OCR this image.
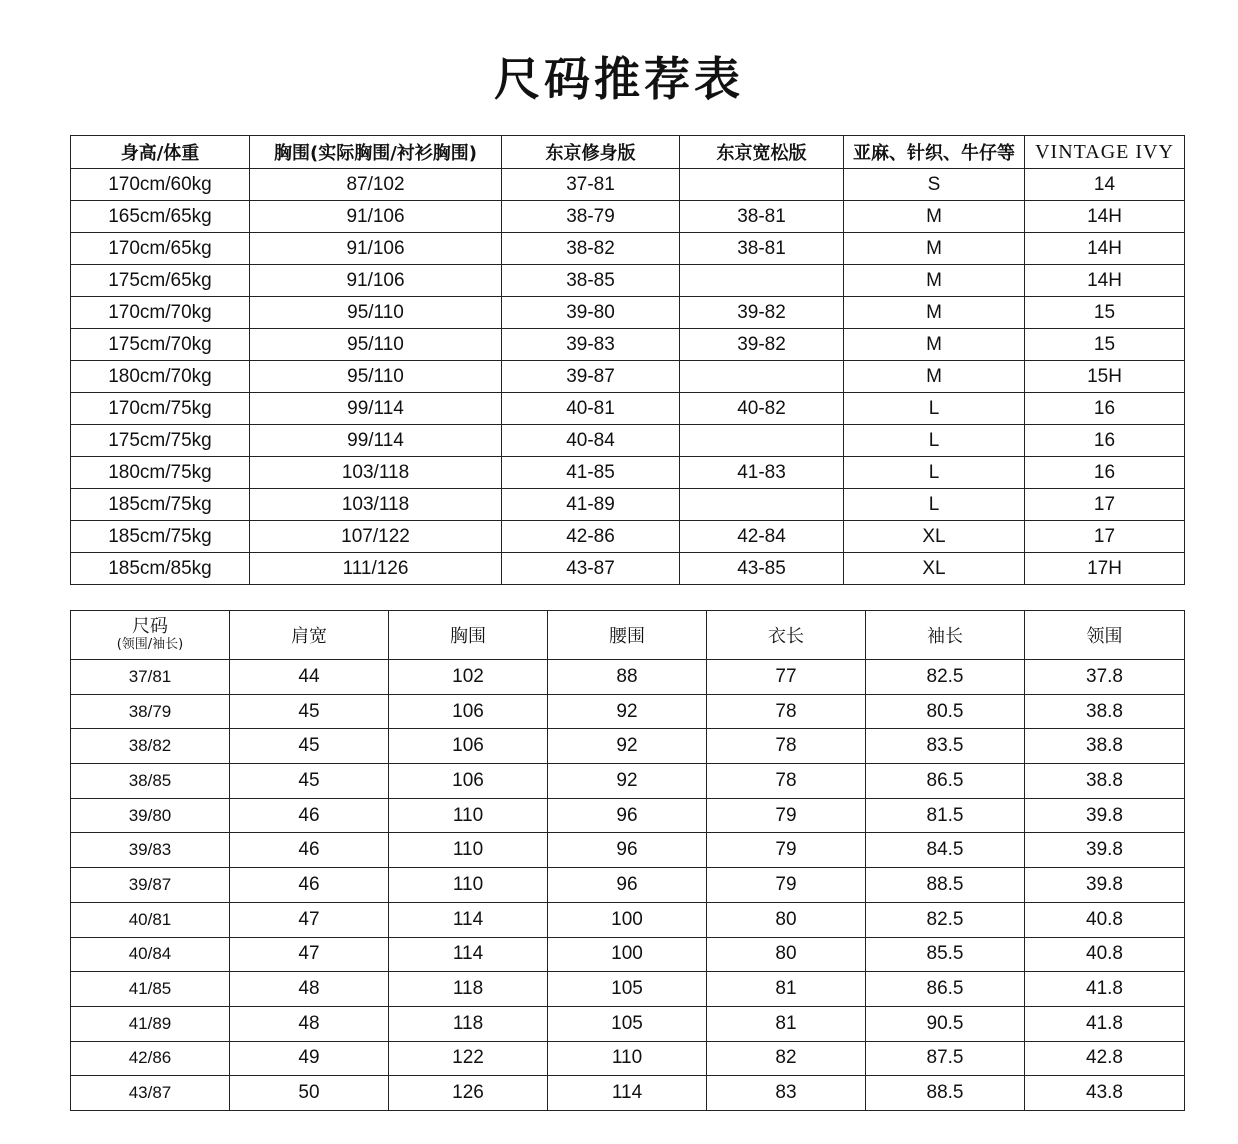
尺码推荐表
身高/体重	胸围(实际胸围/衬衫胸围)	东京修身版	东京宽松版	亚麻、针织、牛仔等	VINTAGE IVY
170cm/60kg	87/102	37-81		S	14
165cm/65kg	91/106	38-79	38-81	M	14H
170cm/65kg	91/106	38-82	38-81	M	14H
175cm/65kg	91/106	38-85		M	14H
170cm/70kg	95/110	39-80	39-82	M	15
175cm/70kg	95/110	39-83	39-82	M	15
180cm/70kg	95/110	39-87		M	15H
170cm/75kg	99/114	40-81	40-82	L	16
175cm/75kg	99/114	40-84		L	16
180cm/75kg	103/118	41-85	41-83	L	16
185cm/75kg	103/118	41-89		L	17
185cm/75kg	107/122	42-86	42-84	XL	17
185cm/85kg	111/126	43-87	43-85	XL	17H
尺码
(领围/袖长)	肩宽	胸围	腰围	衣长	袖长	领围
37/81	44	102	88	77	82.5	37.8
38/79	45	106	92	78	80.5	38.8
38/82	45	106	92	78	83.5	38.8
38/85	45	106	92	78	86.5	38.8
39/80	46	110	96	79	81.5	39.8
39/83	46	110	96	79	84.5	39.8
39/87	46	110	96	79	88.5	39.8
40/81	47	114	100	80	82.5	40.8
40/84	47	114	100	80	85.5	40.8
41/85	48	118	105	81	86.5	41.8
41/89	48	118	105	81	90.5	41.8
42/86	49	122	110	82	87.5	42.8
43/87	50	126	114	83	88.5	43.8
